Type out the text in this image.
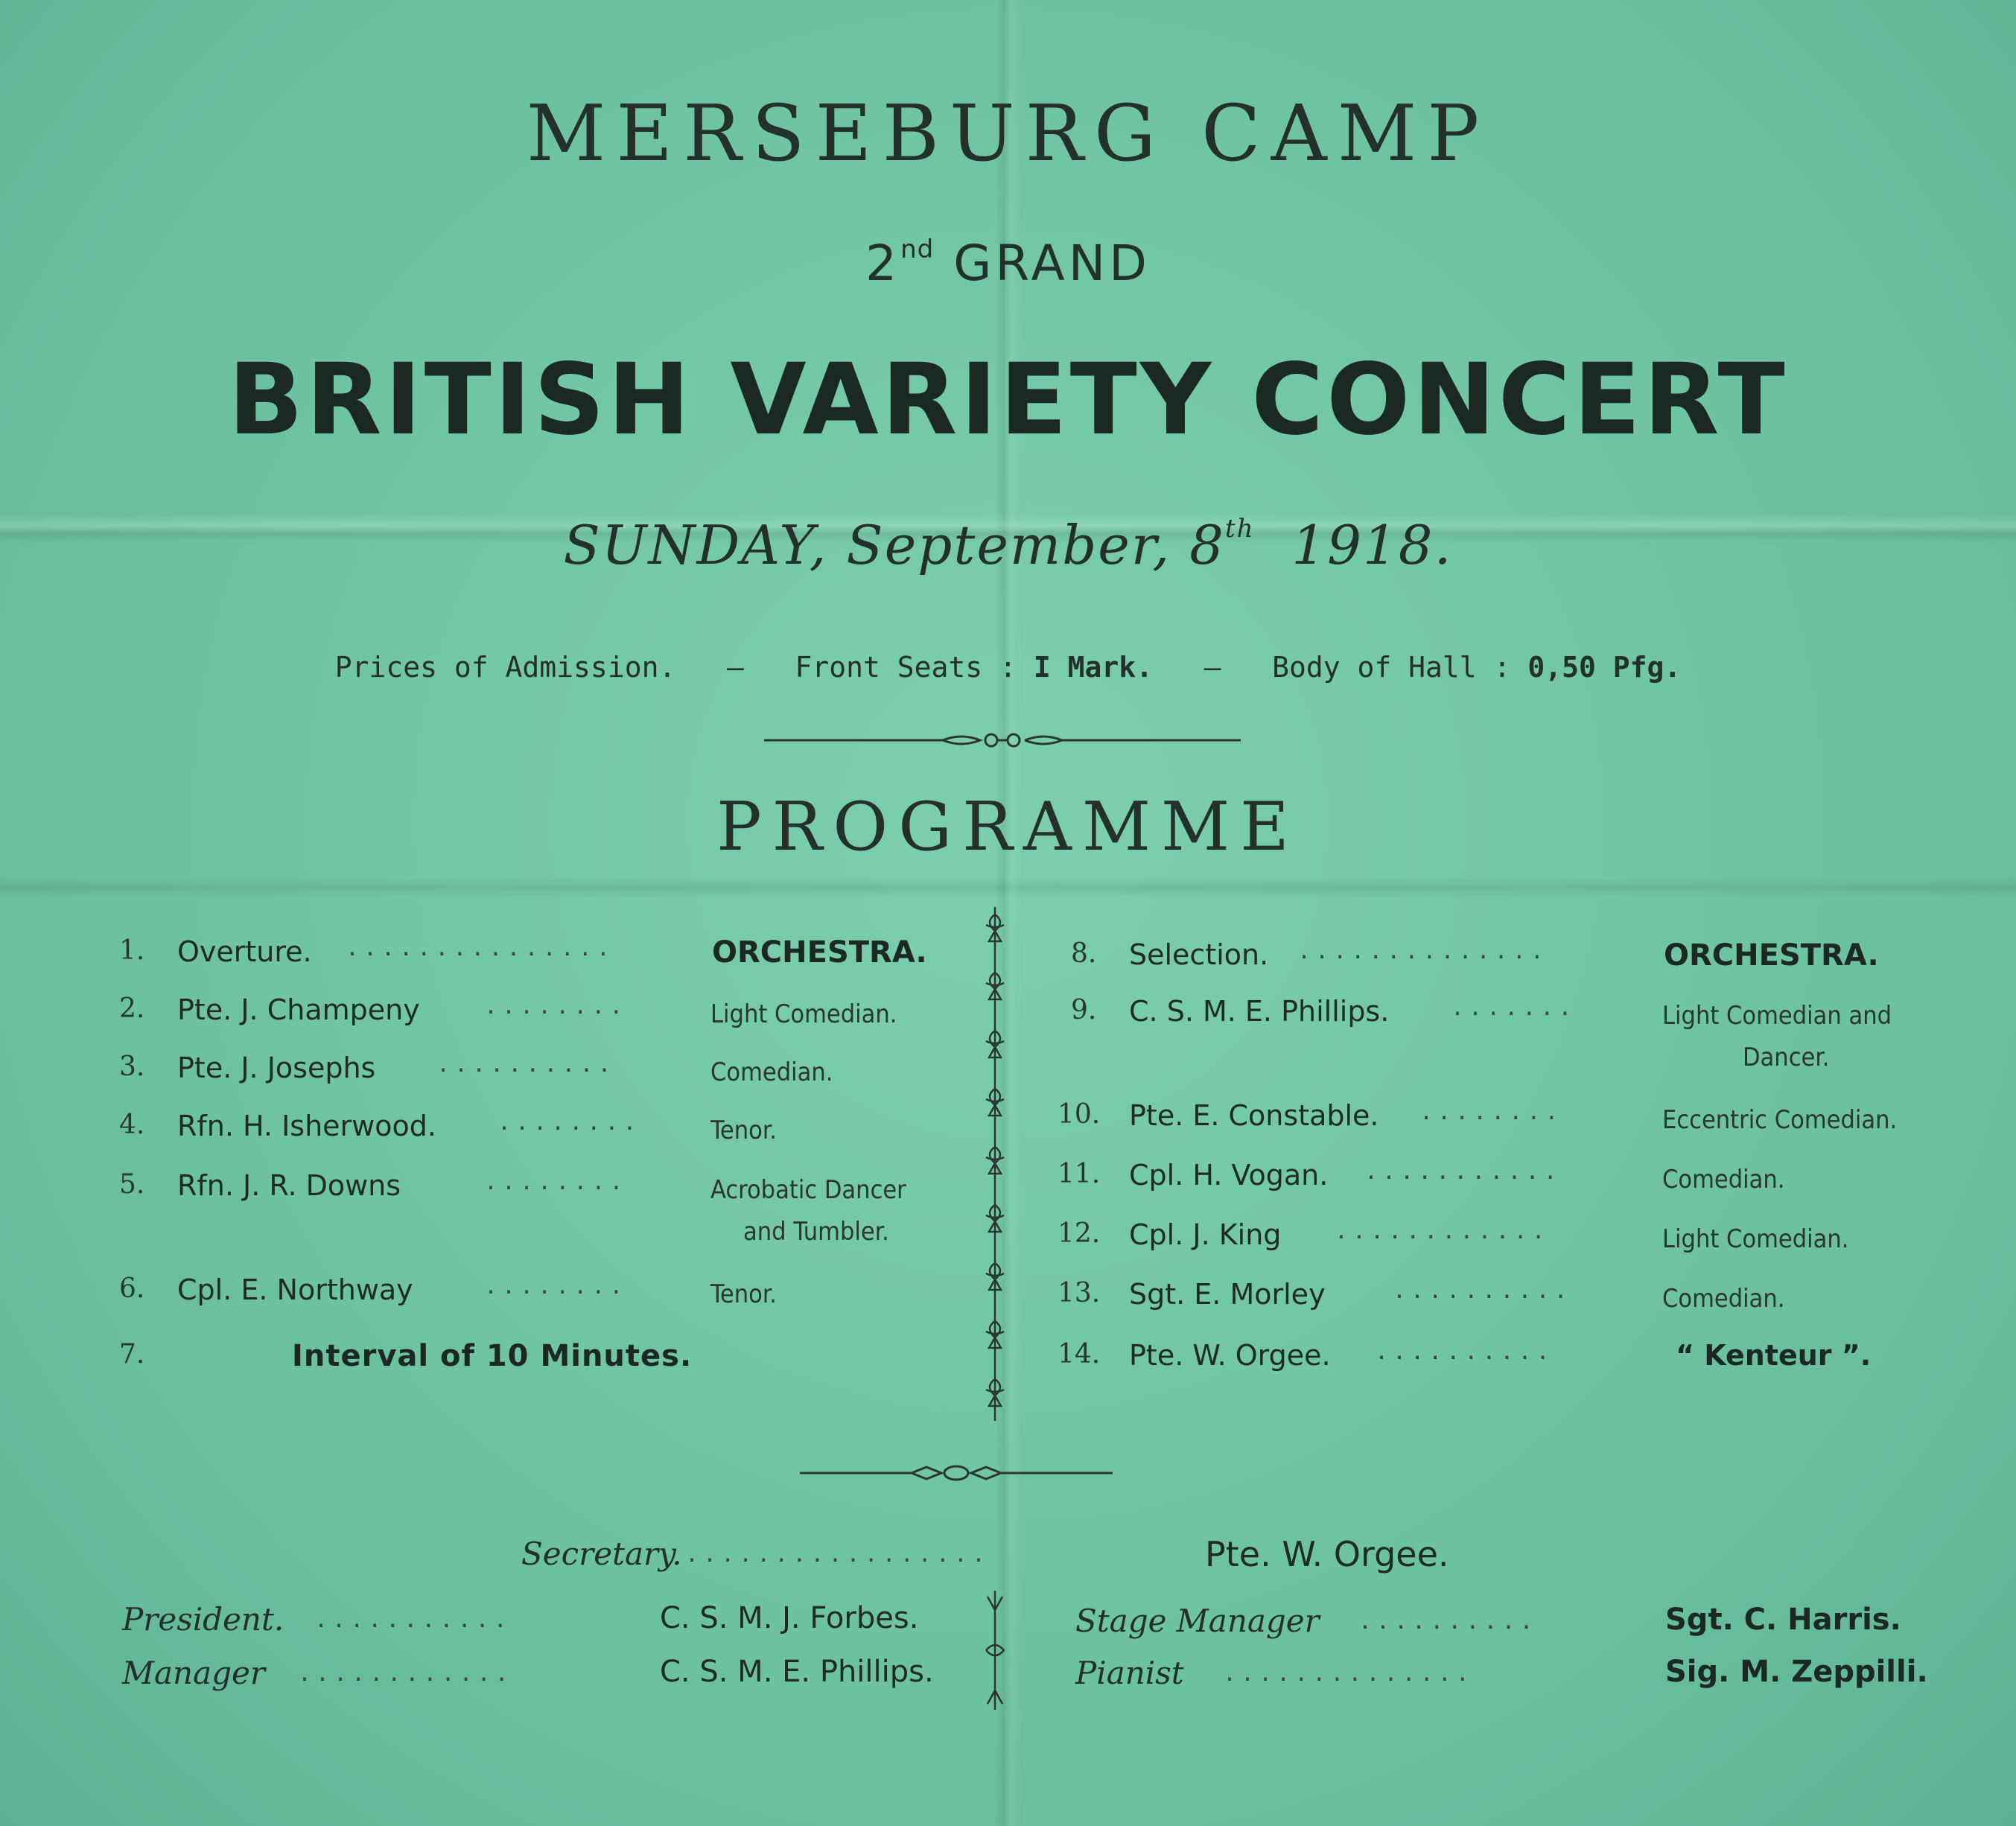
MERSEBURG CAMP
2nd GRAND
BRITISH VARIETY CONCERT
SUNDAY, September, 8th 1918.
Prices of Admission. — Front Seats : I Mark. — Body of Hall : 0,50 Pfg.
PROGRAMME
1. Overture. ...............	ORCHESTRA.
2. Pte. J. Champeny	........	Light Comedian.
3. Pte. J. Josephs	..........	Comedian.
4. Rfn. H. Isherwood.	........	Tenor.
5. Rfn. J. R. Downs	........	Acrobatic Dancer
and Tumbler.
6. Cpl. E. Northway	........	Tenor.
7.	Interval of 10 Minutes.
8. Selection. ..............	ORCHESTRA.
9. C. S. M. E. Phillips.	.......	Light Comedian and
Dancer.
10. Pte. E. Constable. ........	Eccentric Comedian.
11. Cpl. H. Vogan. ...........	Comedian.
12. Cpl. J. King ............	Light Comedian.
13. Sgt. E. Morley	..........	Comedian.
14. Pte. W. Orgee. ..........	“ Kenteur ”.
Secretary. .................	Pte. W. Orgee.
President. ...........	C. S. M. J. Forbes.
Manager ............	C. S. M. E. Phillips.
Stage Manager ..........	Sgt. C. Harris.
Pianist ..............	Sig. M. Zeppilli.
